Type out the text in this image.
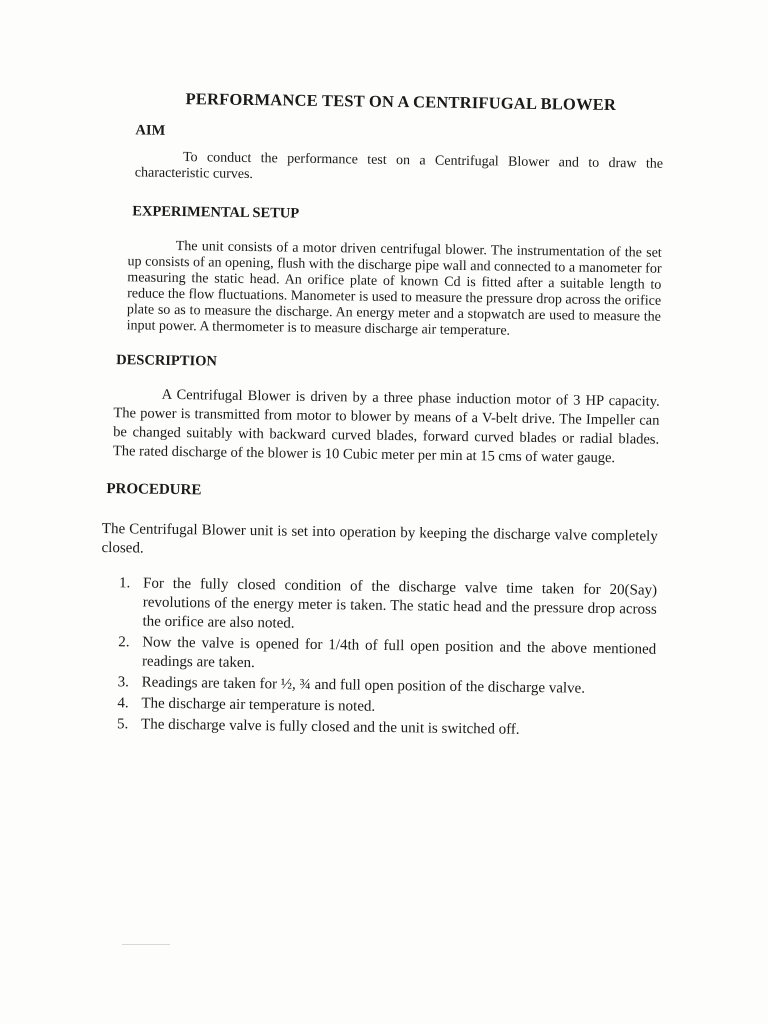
PERFORMANCE TEST ON A CENTRIFUGAL BLOWER
AIM

To conduct the performance test on a Centrifugal Blower and to draw the characteristic curves.

EXPERIMENTAL SETUP

The unit consists of a motor driven centrifugal blower. The instrumentation of the set up consists of an opening, flush with the discharge pipe wall and connected to a manometer for measuring the static head. An orifice plate of known Cd is fitted after a suitable length to reduce the flow fluctuations. Manometer is used to measure the pressure drop across the orifice plate so as to measure the discharge. An energy meter and a stopwatch are used to measure the input power. A thermometer is to measure discharge air temperature.

DESCRIPTION

A Centrifugal Blower is driven by a three phase induction motor of 3 HP capacity. The power is transmitted from motor to blower by means of a V-belt drive. The Impeller can be changed suitably with backward curved blades, forward curved blades or radial blades. The rated discharge of the blower is 10 Cubic meter per min at 15 cms of water gauge.

PROCEDURE

The Centrifugal Blower unit is set into operation by keeping the discharge valve completely closed.

1. For the fully closed condition of the discharge valve time taken for 20(Say) revolutions of the energy meter is taken. The static head and the pressure drop across the orifice are also noted.
2. Now the valve is opened for 1/4th of full open position and the above mentioned readings are taken.
3. Readings are taken for ½, ¾ and full open position of the discharge valve.
4. The discharge air temperature is noted.
5. The discharge valve is fully closed and the unit is switched off.
